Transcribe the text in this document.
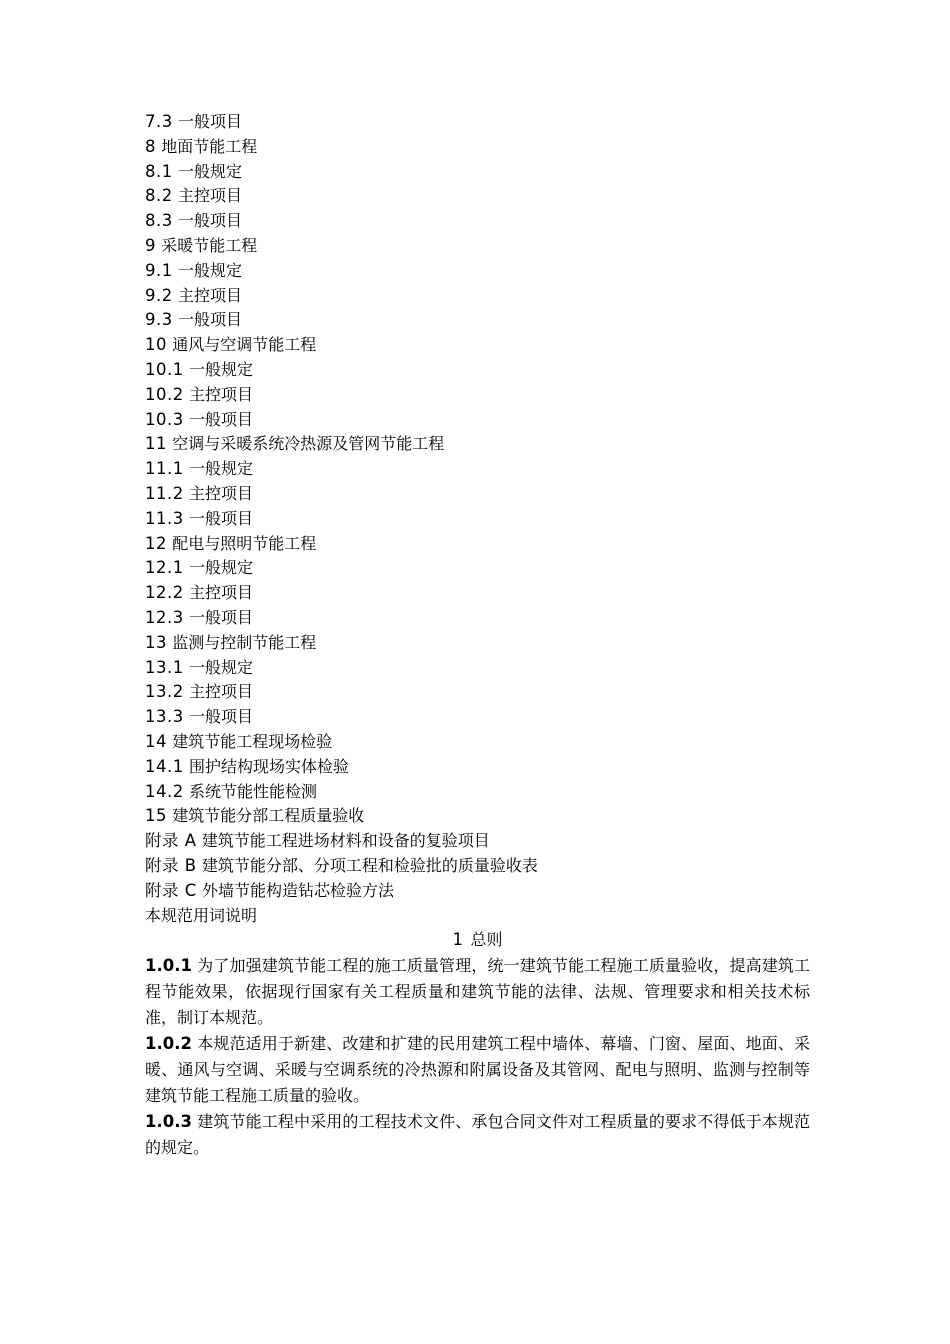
7.3 一般项目
8 地面节能工程
8.1 一般规定
8.2 主控项目
8.3 一般项目
9 采暖节能工程
9.1 一般规定
9.2 主控项目
9.3 一般项目
10 通风与空调节能工程
10.1 一般规定
10.2 主控项目
10.3 一般项目
11 空调与采暖系统冷热源及管网节能工程
11.1 一般规定
11.2 主控项目
11.3 一般项目
12 配电与照明节能工程
12.1 一般规定
12.2 主控项目
12.3 一般项目
13 监测与控制节能工程
13.1 一般规定
13.2 主控项目
13.3 一般项目
14 建筑节能工程现场检验
14.1 围护结构现场实体检验
14.2 系统节能性能检测
15 建筑节能分部工程质量验收
附录 A 建筑节能工程进场材料和设备的复验项目
附录 B 建筑节能分部、分项工程和检验批的质量验收表
附录 C 外墙节能构造钻芯检验方法
本规范用词说明
1 总则

1.0.1 为了加强建筑节能工程的施工质量管理，统一建筑节能工程施工质量验收，提高建筑工程节能效果，依据现行国家有关工程质量和建筑节能的法律、法规、管理要求和相关技术标准，制订本规范。

1.0.2 本规范适用于新建、改建和扩建的民用建筑工程中墙体、幕墙、门窗、屋面、地面、采暖、通风与空调、采暖与空调系统的冷热源和附属设备及其管网、配电与照明、监测与控制等建筑节能工程施工质量的验收。

1.0.3 建筑节能工程中采用的工程技术文件、承包合同文件对工程质量的要求不得低于本规范的规定。
